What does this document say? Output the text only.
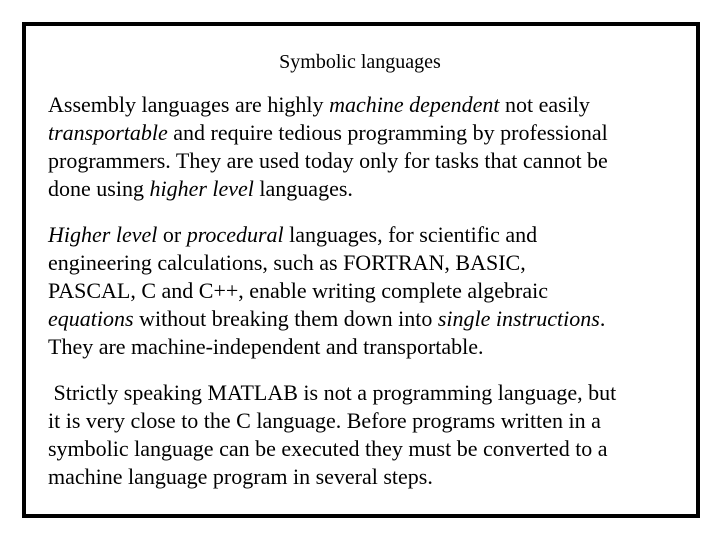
Symbolic languages
Assembly languages are highly machine dependent not easily
transportable and require tedious programming by professional
programmers. They are used today only for tasks that cannot be
done using higher level languages.
Higher level or procedural languages, for scientific and
engineering calculations, such as FORTRAN, BASIC,
PASCAL, C and C++, enable writing complete algebraic
equations without breaking them down into single instructions.
They are machine-independent and transportable.
Strictly speaking MATLAB is not a programming language, but
it is very close to the C language. Before programs written in a
symbolic language can be executed they must be converted to a
machine language program in several steps.
